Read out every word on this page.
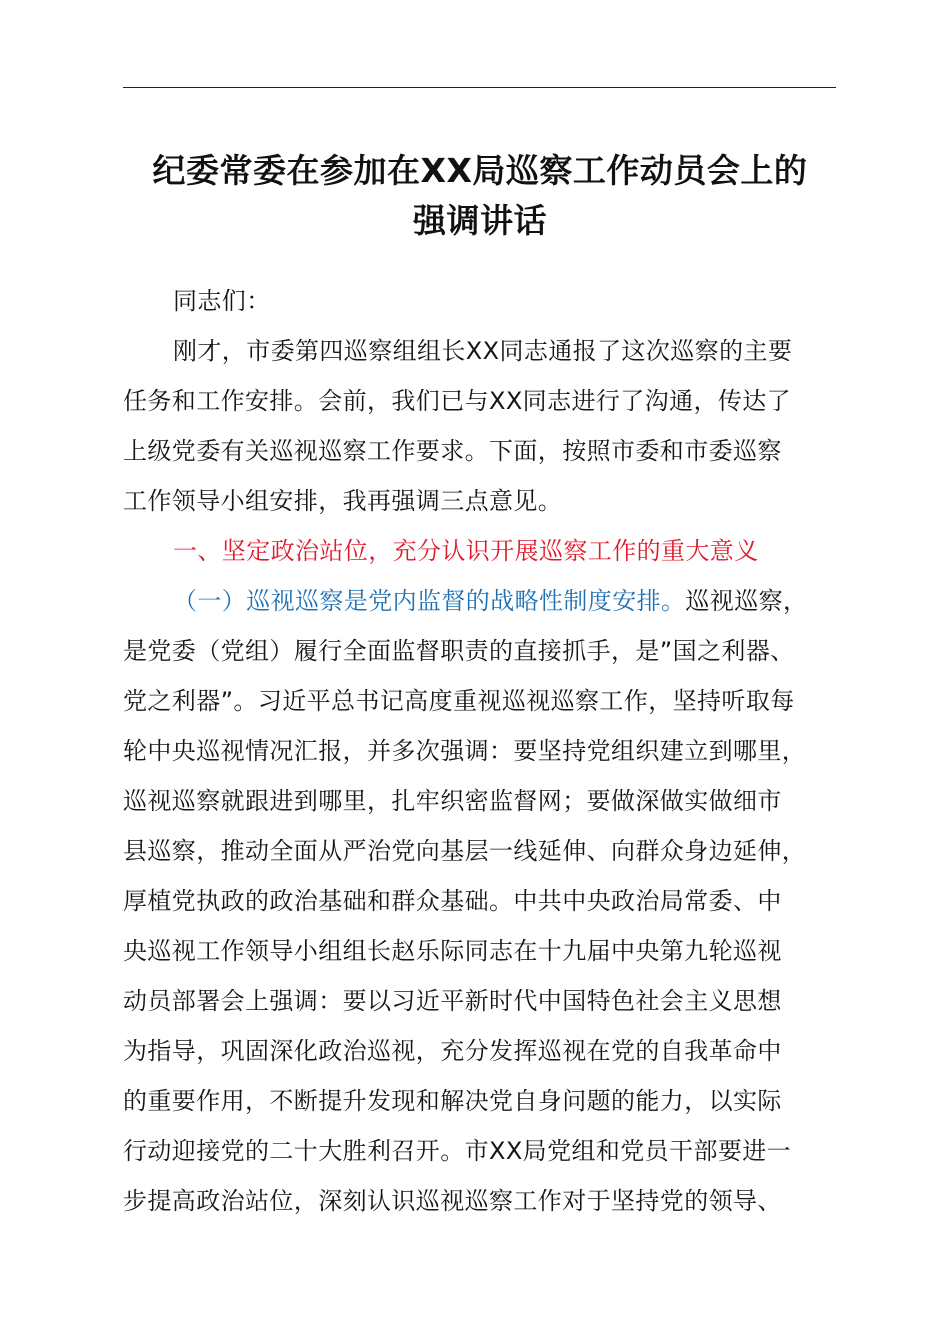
纪委常委在参加在XX局巡察工作动员会上的
强调讲话
同志们：
刚才，市委第四巡察组组长XX同志通报了这次巡察的主要
任务和工作安排。会前，我们已与XX同志进行了沟通，传达了
上级党委有关巡视巡察工作要求。下面，按照市委和市委巡察
工作领导小组安排，我再强调三点意见。
一、坚定政治站位，充分认识开展巡察工作的重大意义
（一）巡视巡察是党内监督的战略性制度安排。巡视巡察，
是党委（党组）履行全面监督职责的直接抓手，是”国之利器、
党之利器”。习近平总书记高度重视巡视巡察工作，坚持听取每
轮中央巡视情况汇报，并多次强调：要坚持党组织建立到哪里，
巡视巡察就跟进到哪里，扎牢织密监督网；要做深做实做细市
县巡察，推动全面从严治党向基层一线延伸、向群众身边延伸，
厚植党执政的政治基础和群众基础。中共中央政治局常委、中
央巡视工作领导小组组长赵乐际同志在十九届中央第九轮巡视
动员部署会上强调：要以习近平新时代中国特色社会主义思想
为指导，巩固深化政治巡视，充分发挥巡视在党的自我革命中
的重要作用，不断提升发现和解决党自身问题的能力，以实际
行动迎接党的二十大胜利召开。市XX局党组和党员干部要进一
步提高政治站位，深刻认识巡视巡察工作对于坚持党的领导、
